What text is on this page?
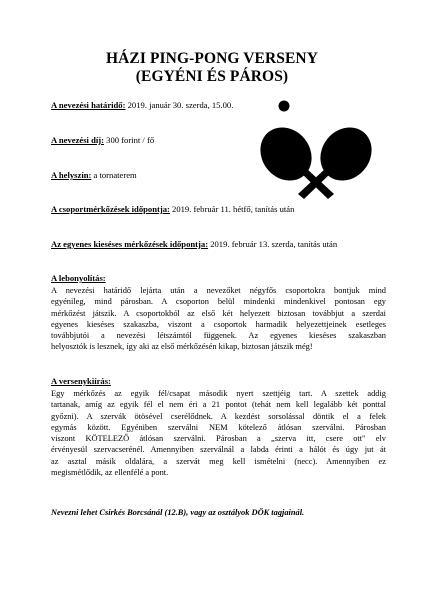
HÁZI PING-PONG VERSENY
(EGYÉNI ÉS PÁROS)
A nevezési határidő: 2019. január 30. szerda, 15.00.
A nevezési díj: 300 forint / fő
A helyszín: a tornaterem
A csoportmérkőzések időpontja: 2019. február 11. hétfő, tanítás után
Az egyenes kieséses mérkőzések időpontja: 2019. február 13. szerda, tanítás után
A lebonyolítás:
A nevezési határidő lejárta után a nevezőket négyfős csoportokra bontjuk mind
egyénileg, mind párosban. A csoporton belül mindenki mindenkivel pontosan egy
mérkőzést játszik. A csoportokból az első két helyezett biztosan továbbjut a szerdai
egyenes kieséses szakaszba, viszont a csoportok harmadik helyezettjeinek esetleges
továbbjutói a nevezési létszámtól függenek. Az egyenes kieséses szakaszban
helyosztók is lesznek, így aki az első mérkőzésén kikap, biztosan játszik még!
A versenykiírás:
Egy mérkőzés az egyik fél/csapat második nyert szettjéig tart. A szettek addig
tartanak, amíg az egyik fél el nem éri a 21 pontot (tehát nem kell legalább két ponttal
győzni). A szervák ötösével cserélődnek. A kezdést sorsolással döntik el a felek
egymás között. Egyéniben szerválni NEM kötelező átlósan szerválni. Párosban
viszont KÖTELEZŐ átlósan szerválni. Párosban a „szerva itt, csere ott" elv
érvényesül szervacserénél. Amennyiben szerválnál a labda érinti a hálót és úgy jut át
az asztal másik oldalára, a szervát meg kell ismételni (necc). Amennyiben ez
megismétlődik, az ellenfélé a pont.
Nevezni lehet Csirkés Borcsánál (12.B), vagy az osztályok DÖK tagjainál.
